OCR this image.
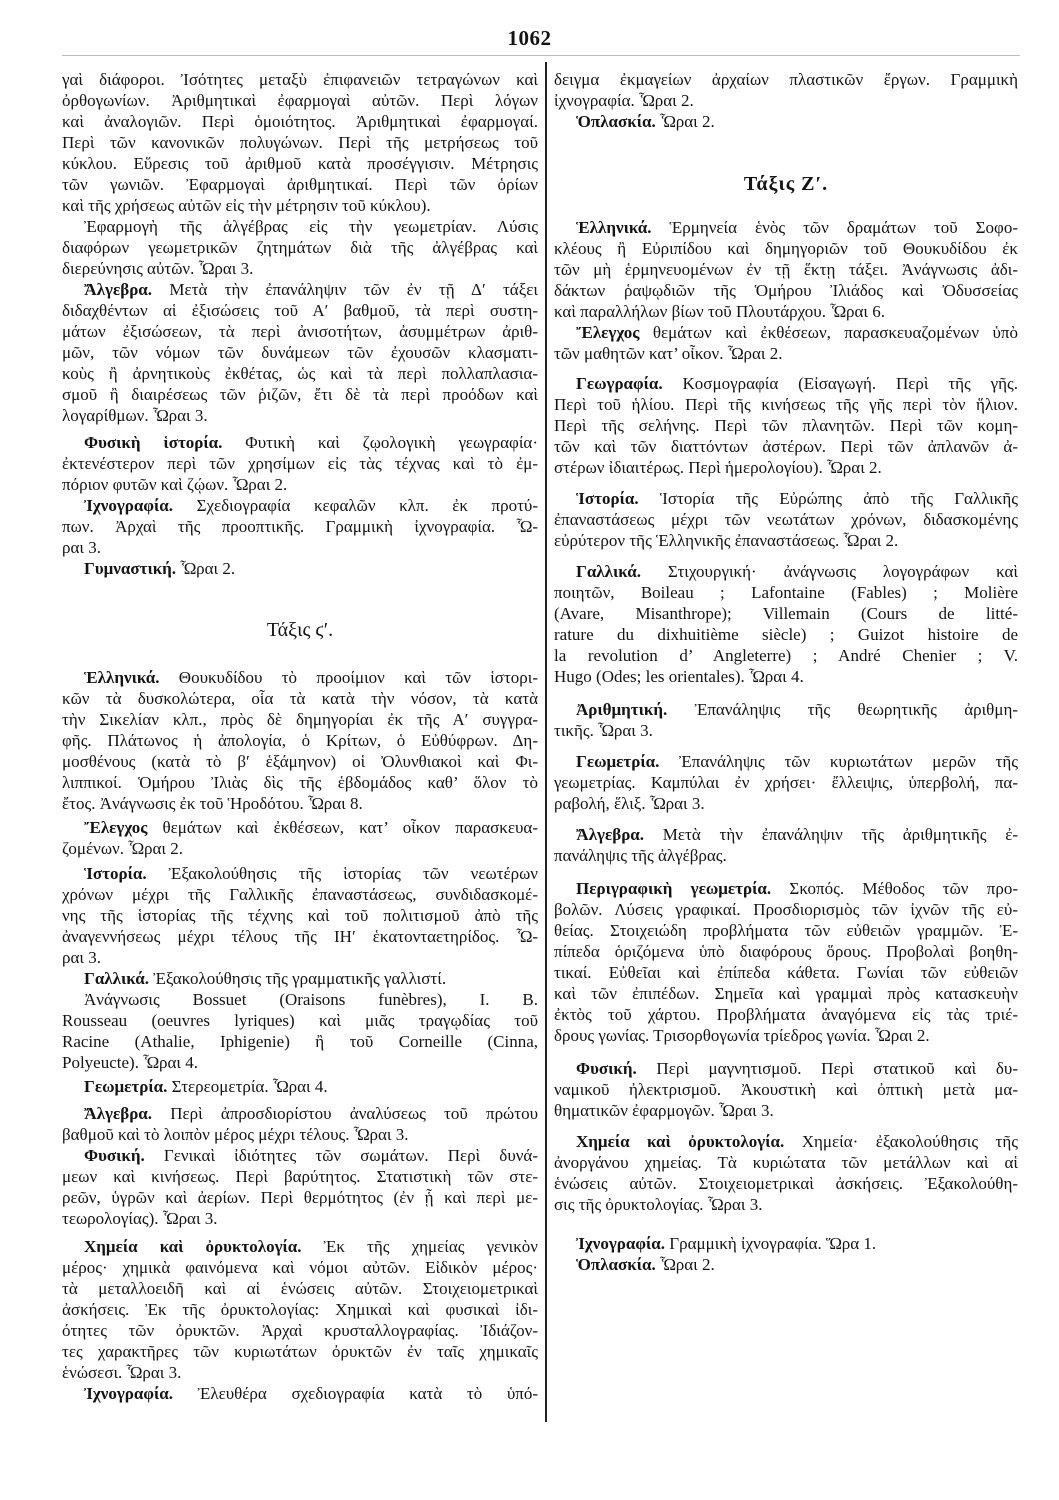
1062
γαὶ διάφοροι. Ἰσότητες μεταξὺ ἐπιφανειῶν τετραγώνων καὶ
ὀρθογωνίων. Ἀριθμητικαὶ ἐφαρμογαὶ αὐτῶν. Περὶ λόγων
καὶ ἀναλογιῶν. Περὶ ὁμοιότητος. Ἀριθμητικαὶ ἐφαρμογαί.
Περὶ τῶν κανονικῶν πολυγώνων. Περὶ τῆς μετρήσεως τοῦ
κύκλου. Εὕρεσις τοῦ ἀριθμοῦ κατὰ προσέγγισιν. Μέτρησις
τῶν γωνιῶν. Ἐφαρμογαὶ ἀριθμητικαί. Περὶ τῶν ὁρίων
καὶ τῆς χρήσεως αὐτῶν εἰς τὴν μέτρησιν τοῦ κύκλου).
Ἐφαρμογὴ τῆς ἀλγέβρας εἰς τὴν γεωμετρίαν. Λύσις
διαφόρων γεωμετρικῶν ζητημάτων διὰ τῆς ἀλγέβρας καὶ
διερεύνησις αὐτῶν. Ὧραι 3.
Ἄλγεβρα. Μετὰ τὴν ἐπανάληψιν τῶν ἐν τῇ Δ′ τάξει
διδαχθέντων αἱ ἐξισώσεις τοῦ Α′ βαθμοῦ, τὰ περὶ συστη-
μάτων ἐξισώσεων, τὰ περὶ ἀνισοτήτων, ἀσυμμέτρων ἀριθ-
μῶν, τῶν νόμων τῶν δυνάμεων τῶν ἐχουσῶν κλασματι-
κοὺς ἢ ἀρνητικοὺς ἐκθέτας, ὡς καὶ τὰ περὶ πολλαπλασια-
σμοῦ ἢ διαιρέσεως τῶν ῥιζῶν, ἔτι δὲ τὰ περὶ προόδων καὶ
λογαρίθμων. Ὧραι 3.
Φυσικὴ ἱστορία. Φυτικὴ καὶ ζῳολογικὴ γεωγραφία·
ἐκτενέστερον περὶ τῶν χρησίμων εἰς τὰς τέχνας καὶ τὸ ἐμ-
πόριον φυτῶν καὶ ζῴων. Ὧραι 2.
Ἰχνογραφία. Σχεδιογραφία κεφαλῶν κλπ. ἐκ προτύ-
πων. Ἀρχαὶ τῆς προοπτικῆς. Γραμμικὴ ἰχνογραφία. Ὧ-
ραι 3.
Γυμναστική. Ὧραι 2.
Τάξις ϛ′.
Ἑλληνικά. Θουκυδίδου τὸ προοίμιον καὶ τῶν ἱστορι-
κῶν τὰ δυσκολώτερα, οἷα τὰ κατὰ τὴν νόσον, τὰ κατὰ
τὴν Σικελίαν κλπ., πρὸς δὲ δημηγορίαι ἐκ τῆς Α′ συγγρα-
φῆς. Πλάτωνος ἡ ἀπολογία, ὁ Κρίτων, ὁ Εὐθύφρων. Δη-
μοσθένους (κατὰ τὸ β′ ἑξάμηνον) οἱ Ὀλυνθιακοὶ καὶ Φι-
λιππικοί. Ὁμήρου Ἰλιὰς δὶς τῆς ἑβδομάδος καθ’ ὅλον τὸ
ἔτος. Ἀνάγνωσις ἐκ τοῦ Ἡροδότου. Ὧραι 8.
Ἔλεγχος θεμάτων καὶ ἐκθέσεων, κατ’ οἶκον παρασκευα-
ζομένων. Ὧραι 2.
Ἱστορία. Ἐξακολούθησις τῆς ἱστορίας τῶν νεωτέρων
χρόνων μέχρι τῆς Γαλλικῆς ἐπαναστάσεως, συνδιδασκομέ-
νης τῆς ἱστορίας τῆς τέχνης καὶ τοῦ πολιτισμοῦ ἀπὸ τῆς
ἀναγεννήσεως μέχρι τέλους τῆς ΙΗ′ ἑκατονταετηρίδος. Ὧ-
ραι 3.
Γαλλικά. Ἐξακολούθησις τῆς γραμματικῆς γαλλιστί.
Ἀνάγνωσις Bossuet (Oraisons funèbres), I. B.
Rousseau (oeuvres lyriques) καὶ μιᾶς τραγῳδίας τοῦ
Racine (Athalie, Iphigenie) ἢ τοῦ Corneille (Cinna,
Polyeucte). Ὧραι 4.
Γεωμετρία. Στερεομετρία. Ὧραι 4.
Ἄλγεβρα. Περὶ ἀπροσδιορίστου ἀναλύσεως τοῦ πρώτου
βαθμοῦ καὶ τὸ λοιπὸν μέρος μέχρι τέλους. Ὧραι 3.
Φυσική. Γενικαὶ ἰδιότητες τῶν σωμάτων. Περὶ δυνά-
μεων καὶ κινήσεως. Περὶ βαρύτητος. Στατιστικὴ τῶν στε-
ρεῶν, ὑγρῶν καὶ ἀερίων. Περὶ θερμότητος (ἐν ᾗ καὶ περὶ με-
τεωρολογίας). Ὧραι 3.
Χημεία καὶ ὀρυκτολογία. Ἐκ τῆς χημείας γενικὸν
μέρος· χημικὰ φαινόμενα καὶ νόμοι αὐτῶν. Εἰδικὸν μέρος·
τὰ μεταλλοειδῆ καὶ αἱ ἑνώσεις αὐτῶν. Στοιχειομετρικαὶ
ἀσκήσεις. Ἐκ τῆς ὀρυκτολογίας: Χημικαὶ καὶ φυσικαὶ ἰδι-
ότητες τῶν ὀρυκτῶν. Ἀρχαὶ κρυσταλλογραφίας. Ἰδιάζον-
τες χαρακτῆρες τῶν κυριωτάτων ὀρυκτῶν ἐν ταῖς χημικαῖς
ἑνώσεσι. Ὧραι 3.
Ἰχνογραφία. Ἐλευθέρα σχεδιογραφία κατὰ τὸ ὑπό-
δειγμα ἐκμαγείων ἀρχαίων πλαστικῶν ἔργων. Γραμμικὴ
ἰχνογραφία. Ὧραι 2.
Ὁπλασκία. Ὧραι 2.
Τάξις Ζ′.
Ἑλληνικά. Ἑρμηνεία ἑνὸς τῶν δραμάτων τοῦ Σοφο-
κλέους ἢ Εὐριπίδου καὶ δημηγοριῶν τοῦ Θουκυδίδου ἐκ
τῶν μὴ ἑρμηνευομένων ἐν τῇ ἕκτῃ τάξει. Ἀνάγνωσις ἀδι-
δάκτων ῥαψῳδιῶν τῆς Ὁμήρου Ἰλιάδος καὶ Ὀδυσσείας
καὶ παραλλήλων βίων τοῦ Πλουτάρχου. Ὧραι 6.
Ἔλεγχος θεμάτων καὶ ἐκθέσεων, παρασκευαζομένων ὑπὸ
τῶν μαθητῶν κατ’ οἶκον. Ὧραι 2.
Γεωγραφία. Κοσμογραφία (Εἰσαγωγή. Περὶ τῆς γῆς.
Περὶ τοῦ ἡλίου. Περὶ τῆς κινήσεως τῆς γῆς περὶ τὸν ἥλιον.
Περὶ τῆς σελήνης. Περὶ τῶν πλανητῶν. Περὶ τῶν κομη-
τῶν καὶ τῶν διαττόντων ἀστέρων. Περὶ τῶν ἀπλανῶν ἀ-
στέρων ἰδιαιτέρως. Περὶ ἡμερολογίου). Ὧραι 2.
Ἱστορία. Ἱστορία τῆς Εὐρώπης ἀπὸ τῆς Γαλλικῆς
ἐπαναστάσεως μέχρι τῶν νεωτάτων χρόνων, διδασκομένης
εὐρύτερον τῆς Ἑλληνικῆς ἐπαναστάσεως. Ὧραι 2.
Γαλλικά. Στιχουργική· ἀνάγνωσις λογογράφων καὶ
ποιητῶν, Boileau ; Lafontaine (Fables) ; Molière
(Avare, Misanthrope); Villemain (Cours de litté-
rature du dixhuitième siècle) ; Guizot histoire de
la revolution d’ Angleterre) ; André Chenier ; V.
Hugo (Odes; les orientales). Ὧραι 4.
Ἀριθμητική. Ἐπανάληψις τῆς θεωρητικῆς ἀριθμη-
τικῆς. Ὧραι 3.
Γεωμετρία. Ἐπανάληψις τῶν κυριωτάτων μερῶν τῆς
γεωμετρίας. Καμπύλαι ἐν χρήσει· ἔλλειψις, ὑπερβολή, πα-
ραβολή, ἕλιξ. Ὧραι 3.
Ἄλγεβρα. Μετὰ τὴν ἐπανάληψιν τῆς ἀριθμητικῆς ἐ-
πανάληψις τῆς ἀλγέβρας.
Περιγραφικὴ γεωμετρία. Σκοπός. Μέθοδος τῶν προ-
βολῶν. Λύσεις γραφικαί. Προσδιορισμὸς τῶν ἰχνῶν τῆς εὐ-
θείας. Στοιχειώδη προβλήματα τῶν εὐθειῶν γραμμῶν. Ἐ-
πίπεδα ὁριζόμενα ὑπὸ διαφόρους ὅρους. Προβολαὶ βοηθη-
τικαί. Εὐθεῖαι καὶ ἐπίπεδα κάθετα. Γωνίαι τῶν εὐθειῶν
καὶ τῶν ἐπιπέδων. Σημεῖα καὶ γραμμαὶ πρὸς κατασκευὴν
ἐκτὸς τοῦ χάρτου. Προβλήματα ἀναγόμενα εἰς τὰς τριέ-
δρους γωνίας. Τρισορθογωνία τρίεδρος γωνία. Ὧραι 2.
Φυσική. Περὶ μαγνητισμοῦ. Περὶ στατικοῦ καὶ δυ-
ναμικοῦ ἠλεκτρισμοῦ. Ἀκουστικὴ καὶ ὀπτικὴ μετὰ μα-
θηματικῶν ἐφαρμογῶν. Ὧραι 3.
Χημεία καὶ ὀρυκτολογία. Χημεία· ἐξακολούθησις τῆς
ἀνοργάνου χημείας. Τὰ κυριώτατα τῶν μετάλλων καὶ αἱ
ἑνώσεις αὐτῶν. Στοιχειομετρικαὶ ἀσκήσεις. Ἐξακολούθη-
σις τῆς ὀρυκτολογίας. Ὧραι 3.
Ἰχνογραφία. Γραμμικὴ ἰχνογραφία. Ὥρα 1.
Ὁπλασκία. Ὧραι 2.
